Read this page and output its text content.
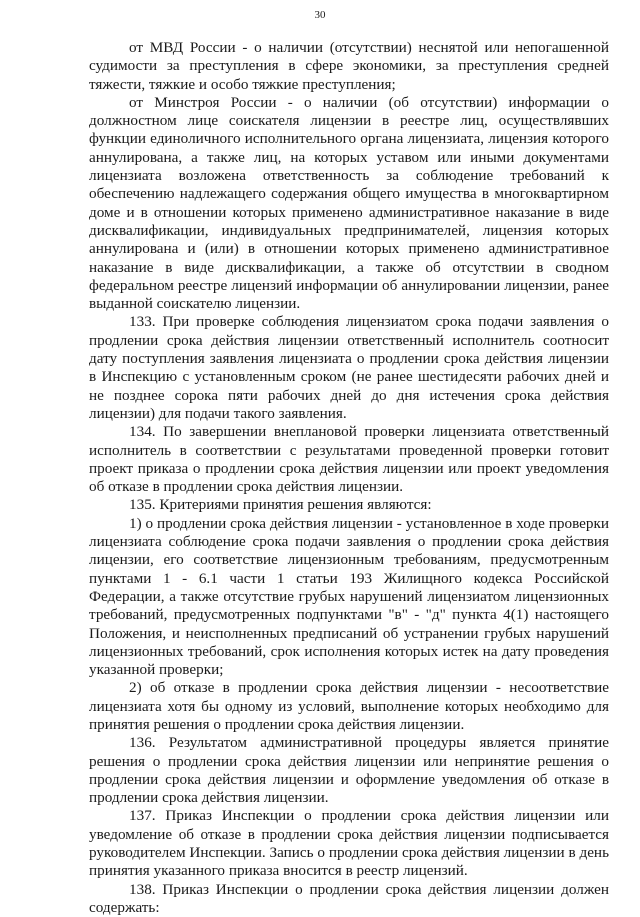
30

от МВД России - о наличии (отсутствии) неснятой или непогашенной судимости за преступления в сфере экономики, за преступления средней тяжести, тяжкие и особо тяжкие преступления;

от Минстроя России - о наличии (об отсутствии) информации о должностном лице соискателя лицензии в реестре лиц, осуществлявших функции единоличного исполнительного органа лицензиата, лицензия которого аннулирована, а также лиц, на которых уставом или иными документами лицензиата возложена ответственность за соблюдение требований к обеспечению надлежащего содержания общего имущества в многоквартирном доме и в отношении которых применено административное наказание в виде дисквалификации, индивидуальных предпринимателей, лицензия которых аннулирована и (или) в отношении которых применено административное наказание в виде дисквалификации, а также об отсутствии в сводном федеральном реестре лицензий информации об аннулировании лицензии, ранее выданной соискателю лицензии.

133. При проверке соблюдения лицензиатом срока подачи заявления о продлении срока действия лицензии ответственный исполнитель соотносит дату поступления заявления лицензиата о продлении срока действия лицензии в Инспекцию с установленным сроком (не ранее шестидесяти рабочих дней и не позднее сорока пяти рабочих дней до дня истечения срока действия лицензии) для подачи такого заявления.

134. По завершении внеплановой проверки лицензиата ответственный исполнитель в соответствии с результатами проведенной проверки готовит проект приказа о продлении срока действия лицензии или проект уведомления об отказе в продлении срока действия лицензии.

135. Критериями принятия решения являются:

1) о продлении срока действия лицензии - установленное в ходе проверки лицензиата соблюдение срока подачи заявления о продлении срока действия лицензии, его соответствие лицензионным требованиям, предусмотренным пунктами 1 - 6.1 части 1 статьи 193 Жилищного кодекса Российской Федерации, а также отсутствие грубых нарушений лицензиатом лицензионных требований, предусмотренных подпунктами "в" - "д" пункта 4(1) настоящего Положения, и неисполненных предписаний об устранении грубых нарушений лицензионных требований, срок исполнения которых истек на дату проведения указанной проверки;

2) об отказе в продлении срока действия лицензии - несоответствие лицензиата хотя бы одному из условий, выполнение которых необходимо для принятия решения о продлении срока действия лицензии.

136. Результатом административной процедуры является принятие решения о продлении срока действия лицензии или непринятие решения о продлении срока действия лицензии и оформление уведомления об отказе в продлении срока действия лицензии.

137. Приказ Инспекции о продлении срока действия лицензии или уведомление об отказе в продлении срока действия лицензии подписывается руководителем Инспекции. Запись о продлении срока действия лицензии в день принятия указанного приказа вносится в реестр лицензий.

138. Приказ Инспекции о продлении срока действия лицензии должен содержать:
